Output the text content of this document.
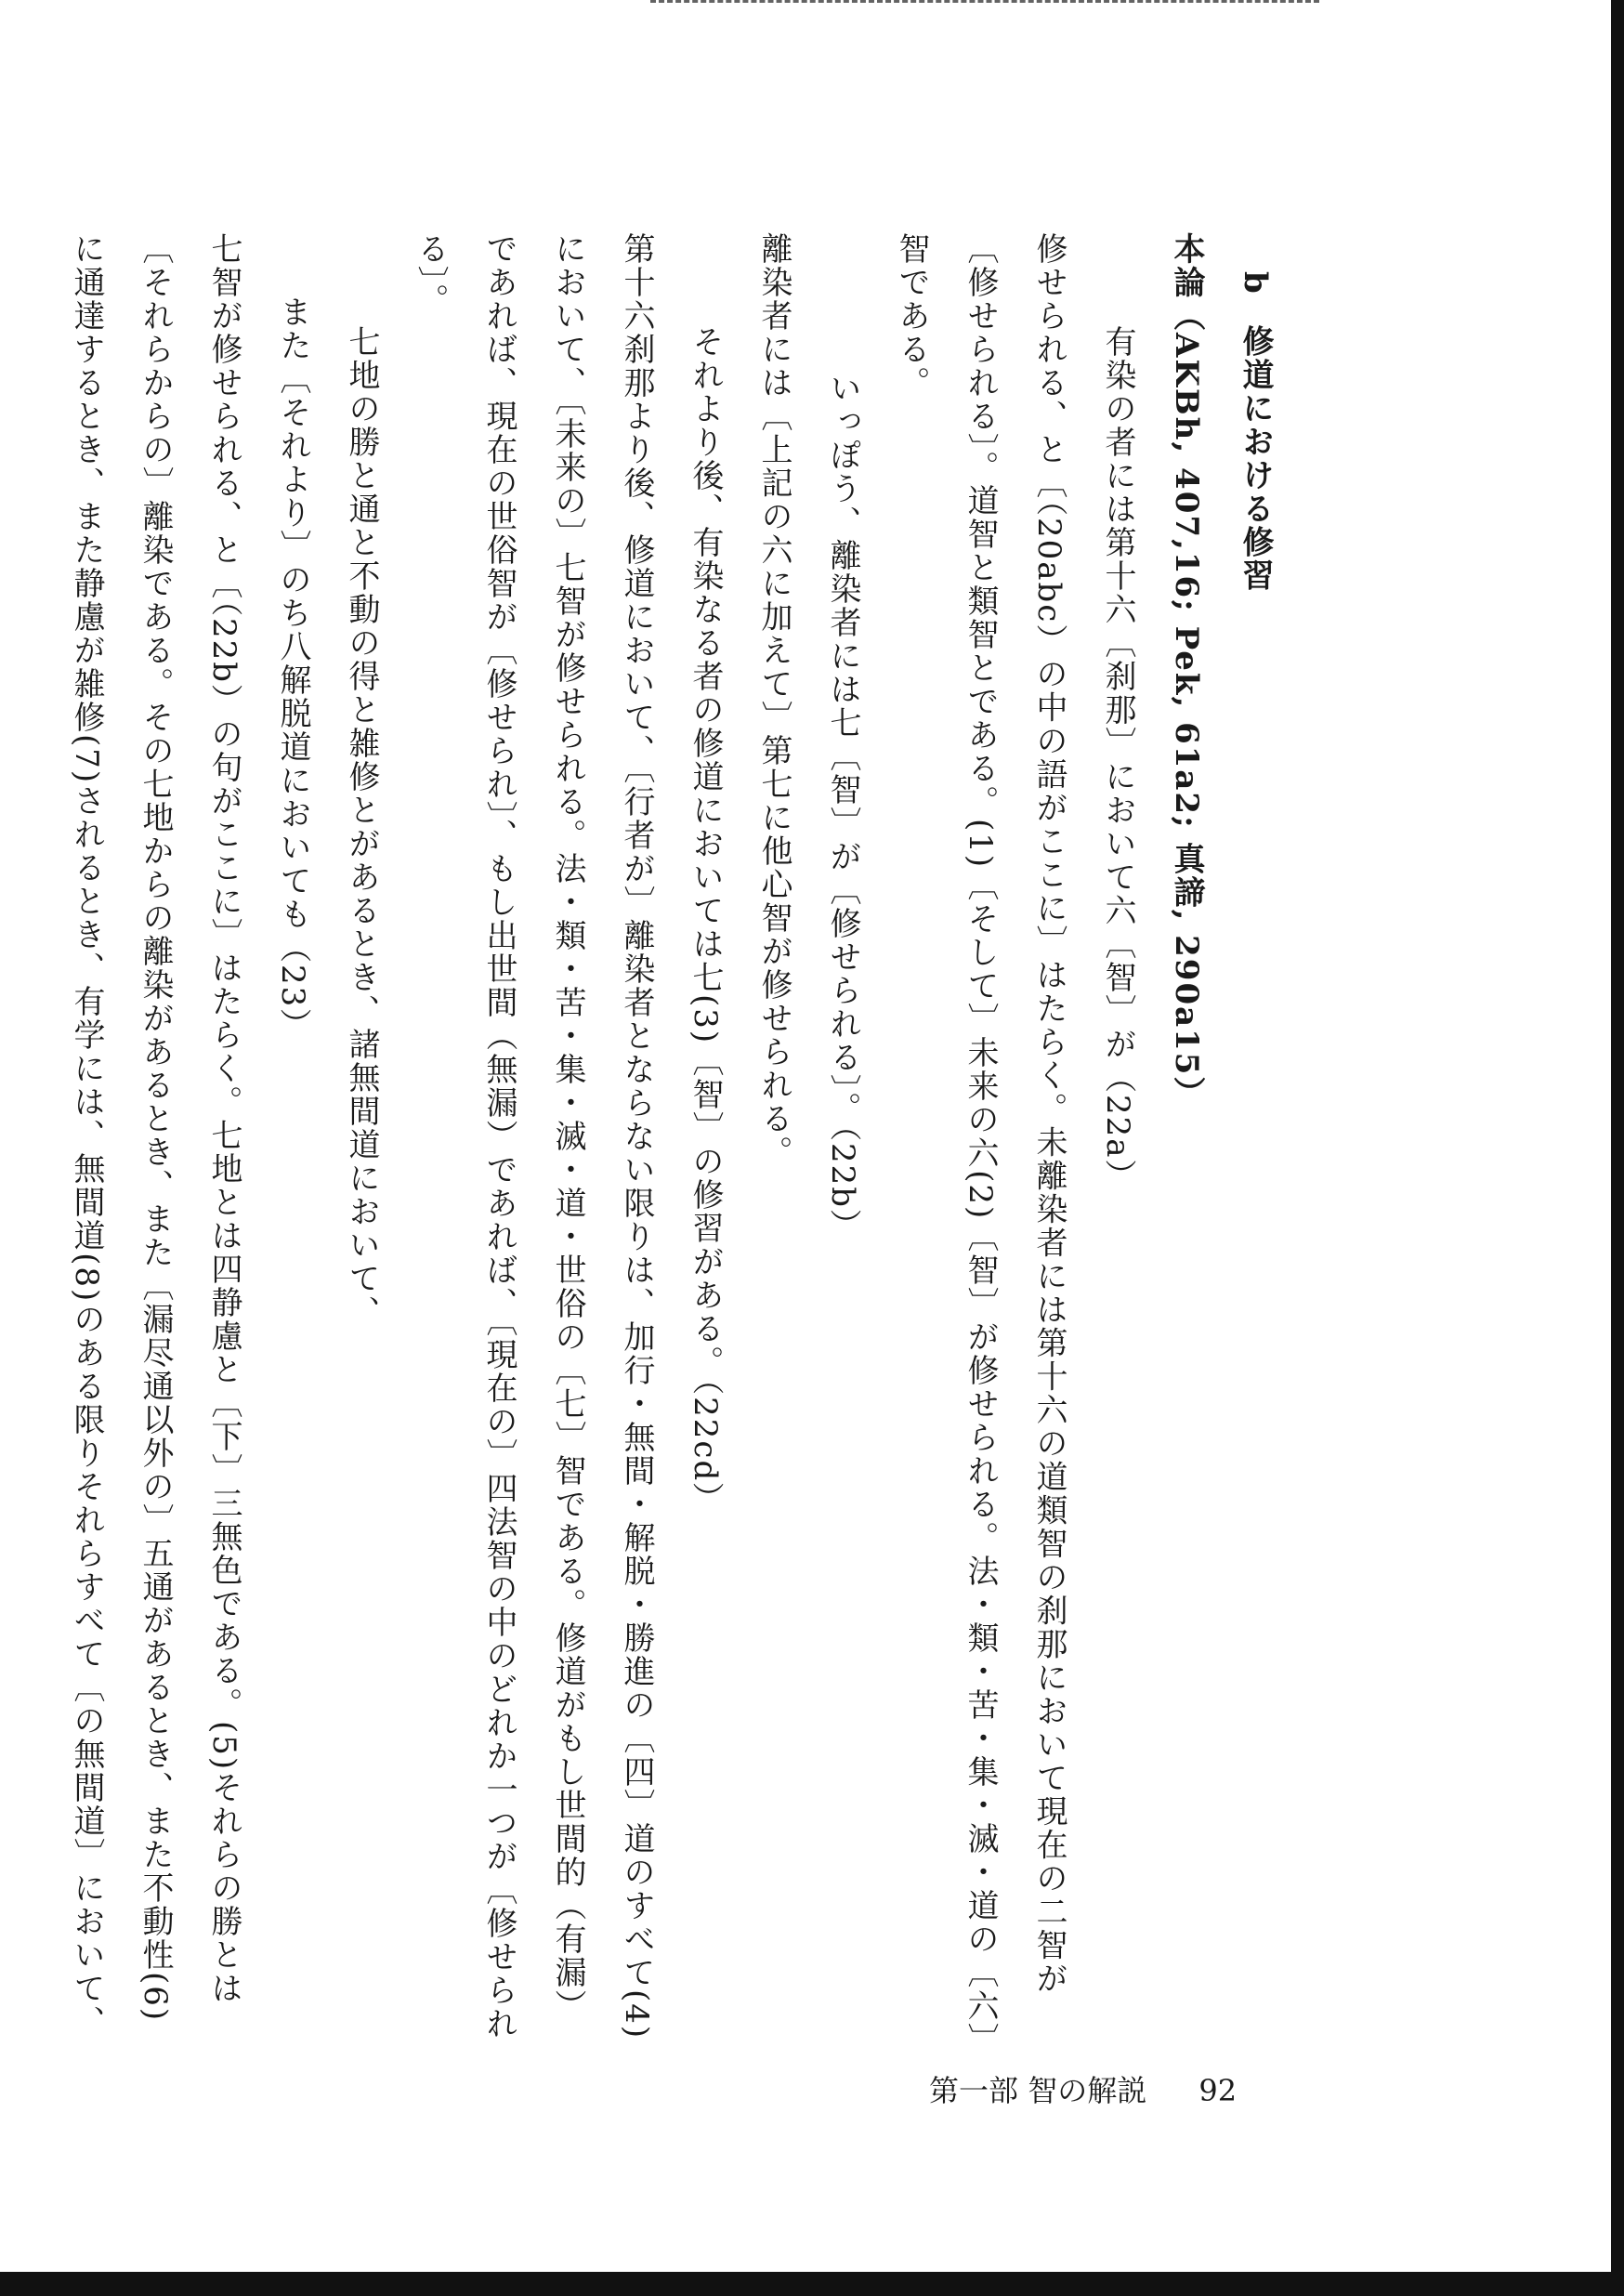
b 修道における修習

本論（AKBh, 407,16; Pek, 61a2; 真諦, 290a15）

有染の者には第十六〔刹那〕において六〔智〕が（22a）

修せられる、と〔（20abc）の中の語がここに〕はたらく。未離染者には第十六の道類智の刹那において現在の二智が〔修せられる〕。道智と類智とである。(1)〔そして〕未来の六(2)〔智〕が修せられる。法・類・苦・集・滅・道の〔六〕智である。

いっぽう、離染者には七〔智〕が〔修せられる〕。（22b）

離染者には〔上記の六に加えて〕第七に他心智が修せられる。

それより後、有染なる者の修道においては七(3)〔智〕の修習がある。（22cd）

第十六刹那より後、修道において、〔行者が〕離染者とならない限りは、加行・無間・解脱・勝進の〔四〕道のすべて(4)において、〔未来の〕七智が修せられる。法・類・苦・集・滅・道・世俗の〔七〕智である。修道がもし世間的（有漏）であれば、現在の世俗智が〔修せられ〕、もし出世間（無漏）であれば、〔現在の〕四法智の中のどれか一つが〔修せられる〕。

七地の勝と通と不動の得と雑修とがあるとき、諸無間道において、

また〔それより〕のち八解脱道においても（23）

七智が修せられる、と〔（22b）の句がここに〕はたらく。七地とは四静慮と〔下〕三無色である。(5)それらの勝とは〔それらからの〕離染である。その七地からの離染があるとき、また〔漏尽通以外の〕五通があるとき、また不動性(6)に通達するとき、また静慮が雑修(7)されるとき、有学には、無間道(8)のある限りそれらすべて〔の無間道〕において、

第一部 智の解説 92
